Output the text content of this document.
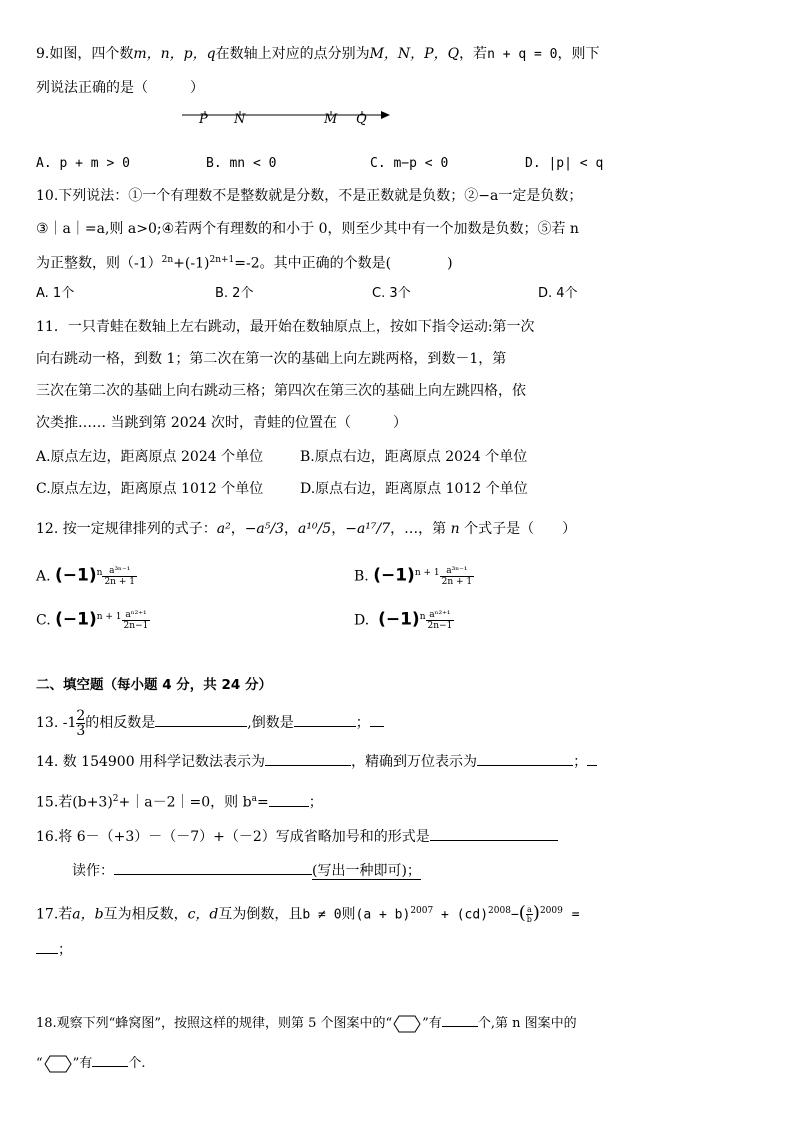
9.如图，四个数m，n，p，q在数轴上对应的点分别为M，N，P，Q，若n + q = 0，则下
列说法正确的是（　　　）
P N	M Q
A. p + m > 0	B. mn < 0	C. m−p < 0	D. |p| < q
10.下列说法：①一个有理数不是整数就是分数，不是正数就是负数；②−a一定是负数；
③｜a｜=a,则 a>0;④若两个有理数的和小于 0，则至少其中有一个加数是负数；⑤若 n
为正整数，则$(-1)^{2n}+(-1)^{2n+1}=-2$。其中正确的个数是(　　　　)
A. 1个	B. 2个	C. 3个	D. 4个
11．一只青蛙在数轴上左右跳动，最开始在数轴原点上，按如下指令运动:第一次
向右跳动一格，到数 1；第二次在第一次的基础上向左跳两格，到数－1，第
三次在第二次的基础上向右跳动三格；第四次在第三次的基础上向左跳四格，依
次类推…… 当跳到第 2024 次时，青蛙的位置在（　　　）
A.原点左边，距离原点 2024 个单位	B.原点右边，距离原点 2024 个单位
C.原点左边，距离原点 1012 个单位	D.原点右边，距离原点 1012 个单位
12. 按一定规律排列的式子：a²，−a⁵/3，a¹⁰/5，−a¹⁷/7，…，第 n 个式子是（　　）
A. $(-1)^n \frac{\text{a³ⁿ⁻¹}}{2n + 1}$	B. $(-1)^{n + 1} \frac{\text{a³ⁿ⁻¹}}{2n + 1}$
C. $(-1)^{n + 1} \frac{\text{aⁿ²⁺¹}}{2n-1}$	D. $(-1)^n \frac{\text{aⁿ²⁺¹}}{2n-1}$
二、填空题（每小题 4 分，共 24 分）
13. $-1 \frac{2}{3}$ 的相反数是	,倒数是	；
14. 数 154900 用科学记数法表示为	，精确到万位表示为	；
15.若$(b+3)^2+|a-2|=0$，则 $b^a=$	；
16.将 6－（+3）－（－7）+（－2）写成省略加号和的形式是
读作：	(写出一种即可)；
17.若a，b互为相反数，c，d互为倒数，且b ≠ 0则$(a + b)^{2007} + (cd)^{2008}-( \frac{a}{b} )^{2009}$ =
；
18.观察下列“蜂窝图”，按照这样的规律，则第 5 个图案中的“ ”有	个,第 n 图案中的
“ ”有	个.
